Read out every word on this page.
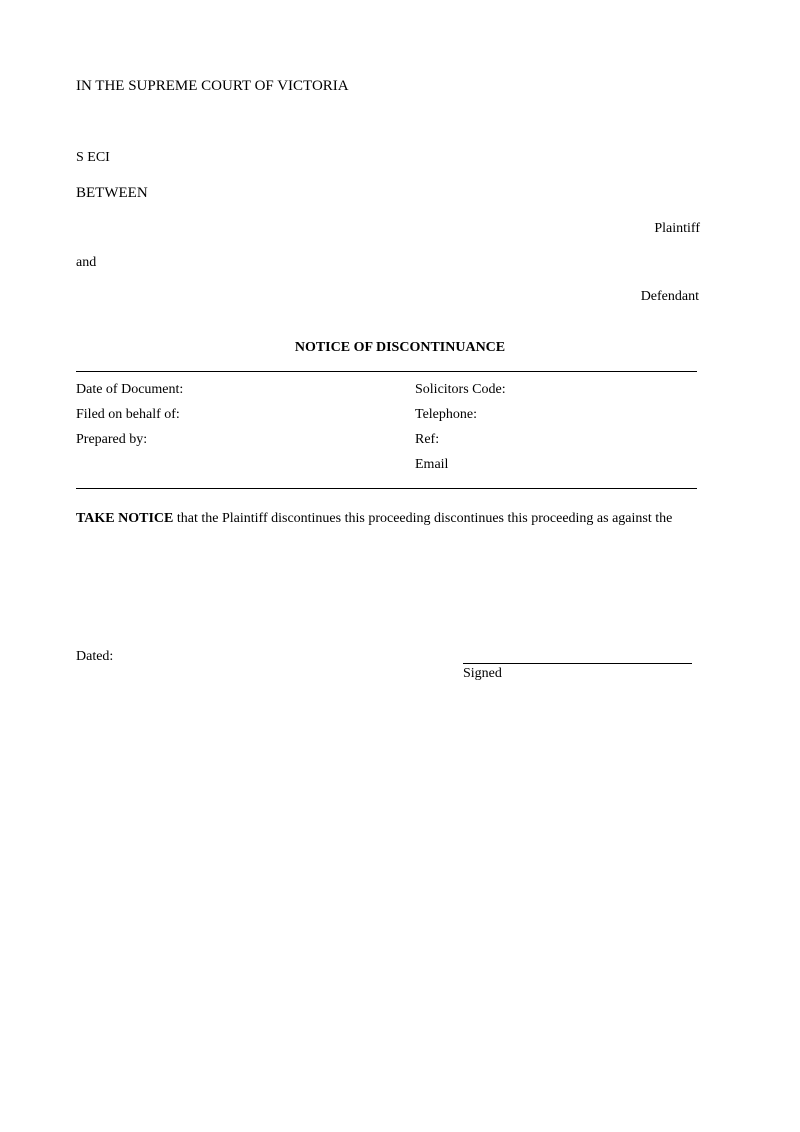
IN THE SUPREME COURT OF VICTORIA
S ECI
BETWEEN
Plaintiff
and
Defendant
NOTICE OF DISCONTINUANCE
Date of Document:
Filed on behalf of:
Prepared by:
Solicitors Code:
Telephone:
Ref:
Email
TAKE NOTICE that the Plaintiff discontinues this proceeding discontinues this proceeding as against the
Dated:
Signed
